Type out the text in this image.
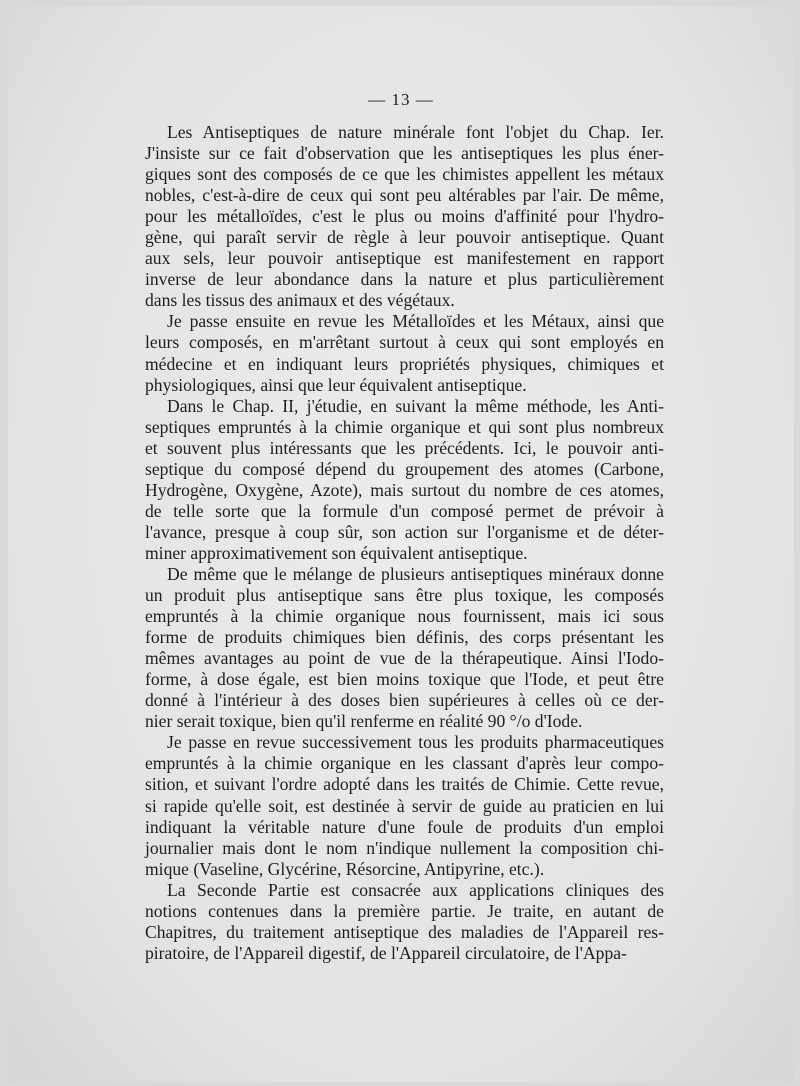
— 13 —

Les Antiseptiques de nature minérale font l'objet du Chap. Ier.
J'insiste sur ce fait d'observation que les antiseptiques les plus éner-
giques sont des composés de ce que les chimistes appellent les métaux
nobles, c'est-à-dire de ceux qui sont peu altérables par l'air. De même,
pour les métalloïdes, c'est le plus ou moins d'affinité pour l'hydro-
gène, qui paraît servir de règle à leur pouvoir antiseptique. Quant
aux sels, leur pouvoir antiseptique est manifestement en rapport
inverse de leur abondance dans la nature et plus particulièrement
dans les tissus des animaux et des végétaux.

Je passe ensuite en revue les Métalloïdes et les Métaux, ainsi que
leurs composés, en m'arrêtant surtout à ceux qui sont employés en
médecine et en indiquant leurs propriétés physiques, chimiques et
physiologiques, ainsi que leur équivalent antiseptique.

Dans le Chap. II, j'étudie, en suivant la même méthode, les Anti-
septiques empruntés à la chimie organique et qui sont plus nombreux
et souvent plus intéressants que les précédents. Ici, le pouvoir anti-
septique du composé dépend du groupement des atomes (Carbone,
Hydrogène, Oxygène, Azote), mais surtout du nombre de ces atomes,
de telle sorte que la formule d'un composé permet de prévoir à
l'avance, presque à coup sûr, son action sur l'organisme et de déter-
miner approximativement son équivalent antiseptique.

De même que le mélange de plusieurs antiseptiques minéraux donne
un produit plus antiseptique sans être plus toxique, les composés
empruntés à la chimie organique nous fournissent, mais ici sous
forme de produits chimiques bien définis, des corps présentant les
mêmes avantages au point de vue de la thérapeutique. Ainsi l'Iodo-
forme, à dose égale, est bien moins toxique que l'Iode, et peut être
donné à l'intérieur à des doses bien supérieures à celles où ce der-
nier serait toxique, bien qu'il renferme en réalité 90 °/o d'Iode.

Je passe en revue successivement tous les produits pharmaceutiques
empruntés à la chimie organique en les classant d'après leur compo-
sition, et suivant l'ordre adopté dans les traités de Chimie. Cette revue,
si rapide qu'elle soit, est destinée à servir de guide au praticien en lui
indiquant la véritable nature d'une foule de produits d'un emploi
journalier mais dont le nom n'indique nullement la composition chi-
mique (Vaseline, Glycérine, Résorcine, Antipyrine, etc.).

La Seconde Partie est consacrée aux applications cliniques des
notions contenues dans la première partie. Je traite, en autant de
Chapitres, du traitement antiseptique des maladies de l'Appareil res-
piratoire, de l'Appareil digestif, de l'Appareil circulatoire, de l'Appa-
